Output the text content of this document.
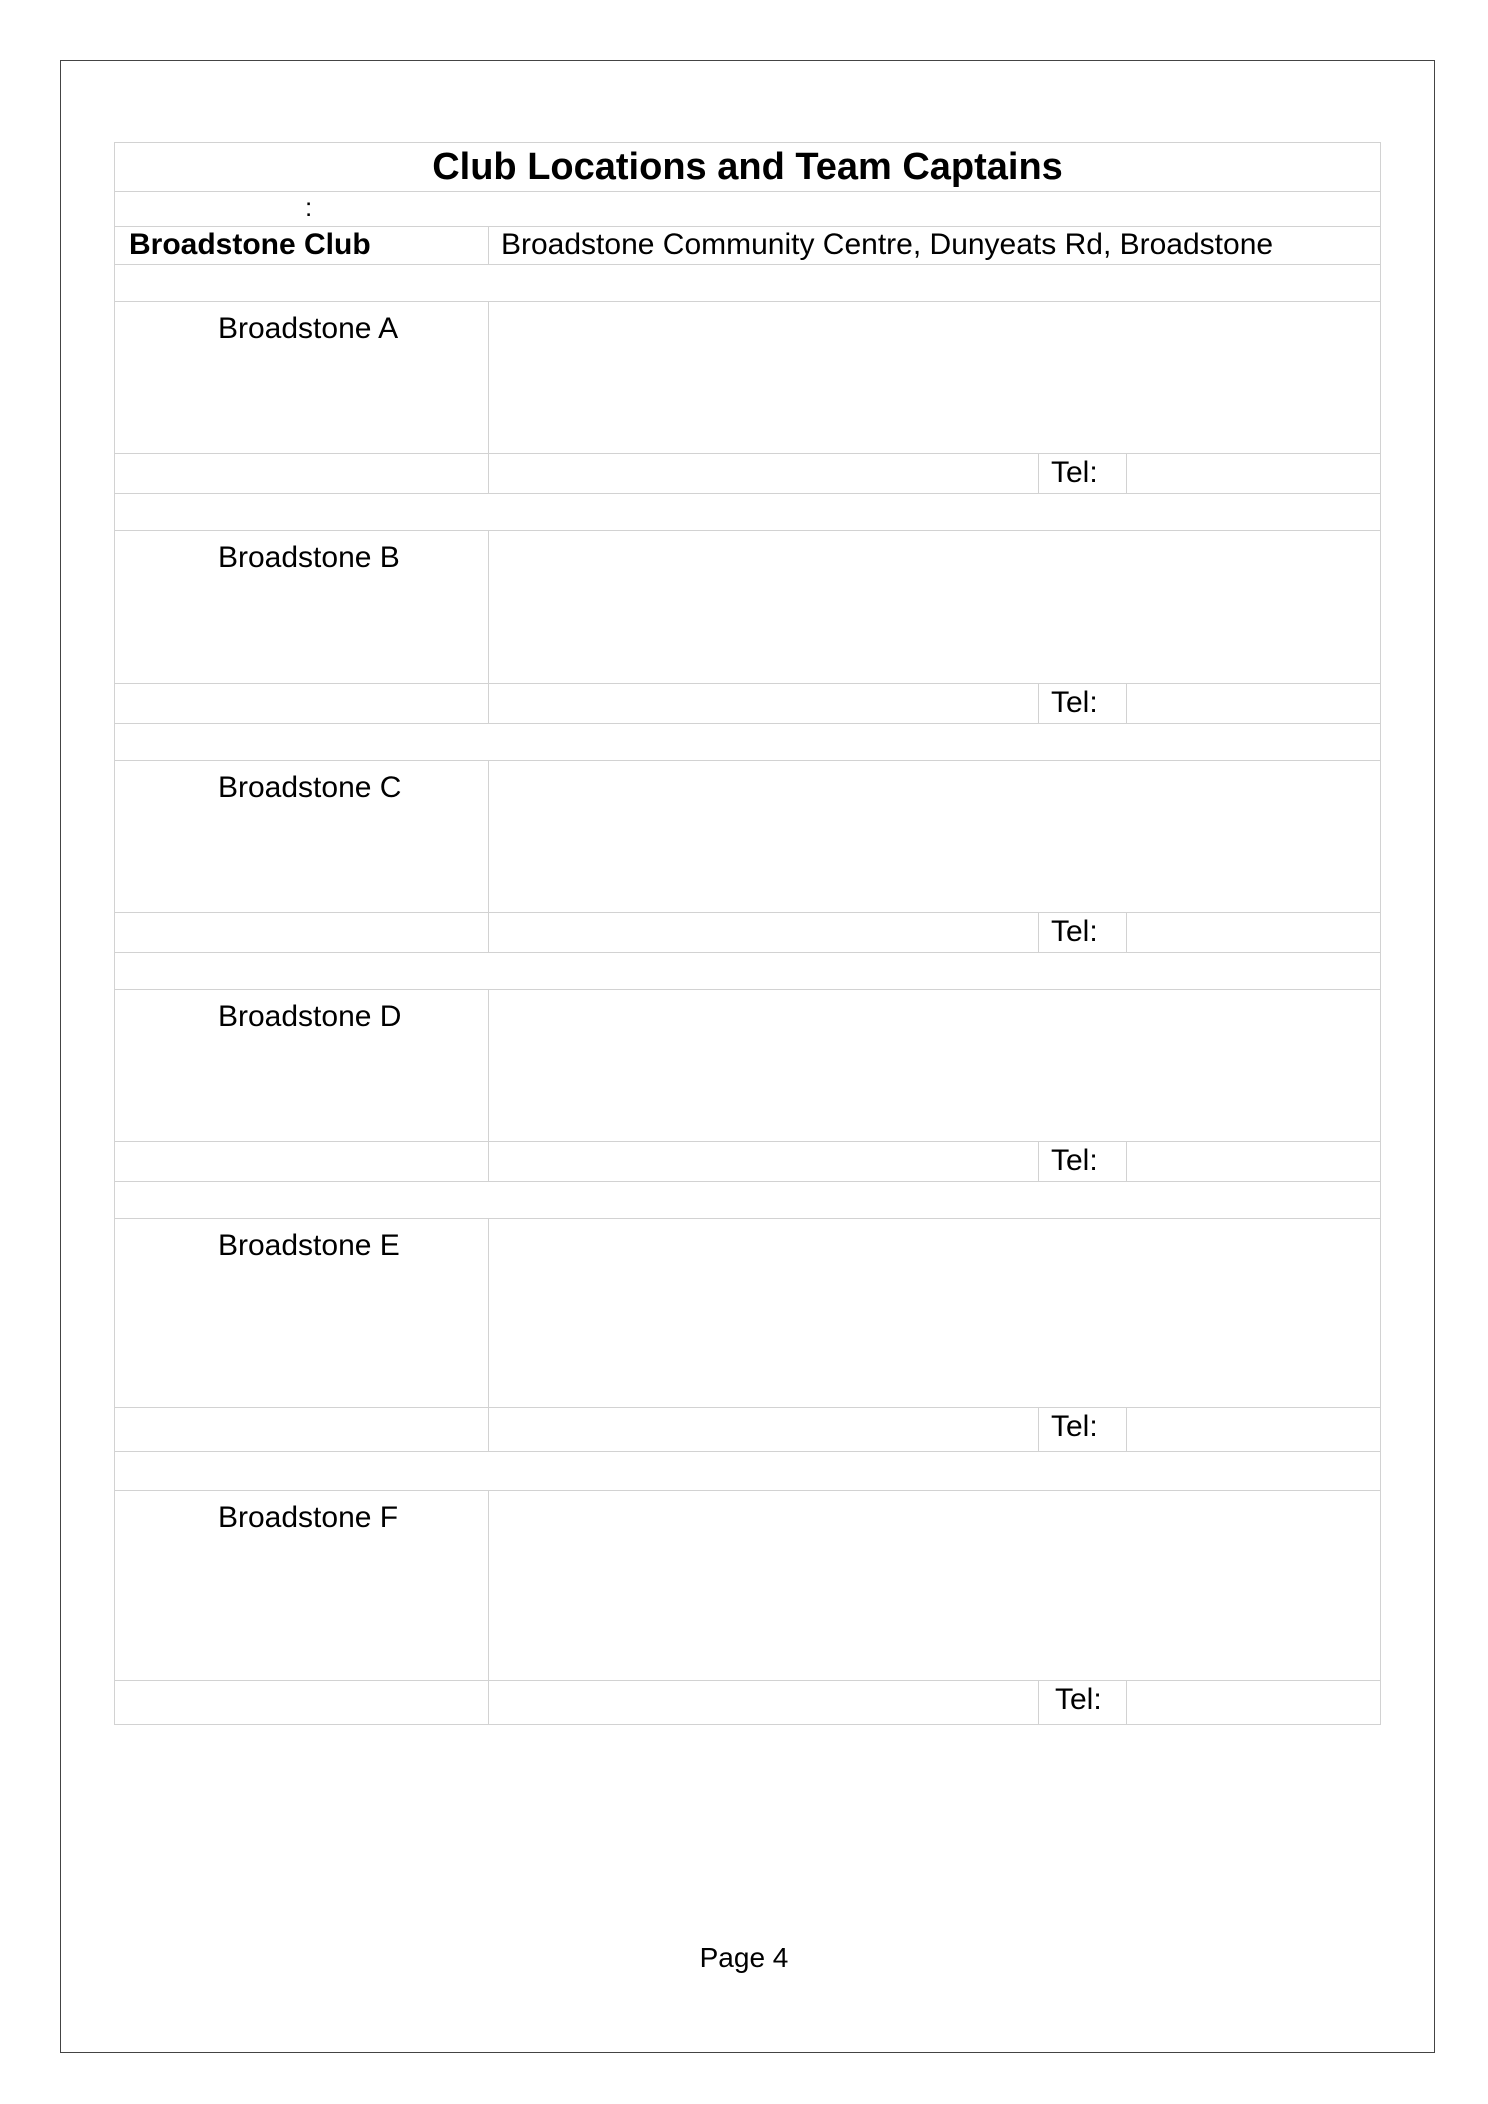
Club Locations and Team Captains			
:			
Broadstone Club	Broadstone Community Centre, Dunyeats Rd, Broadstone		

Broadstone A			
		Tel:	

Broadstone B			
		Tel:	

Broadstone C			
		Tel:	

Broadstone D			
		Tel:	

Broadstone E			
		Tel:	

Broadstone F			
		Tel:	
Page 4
